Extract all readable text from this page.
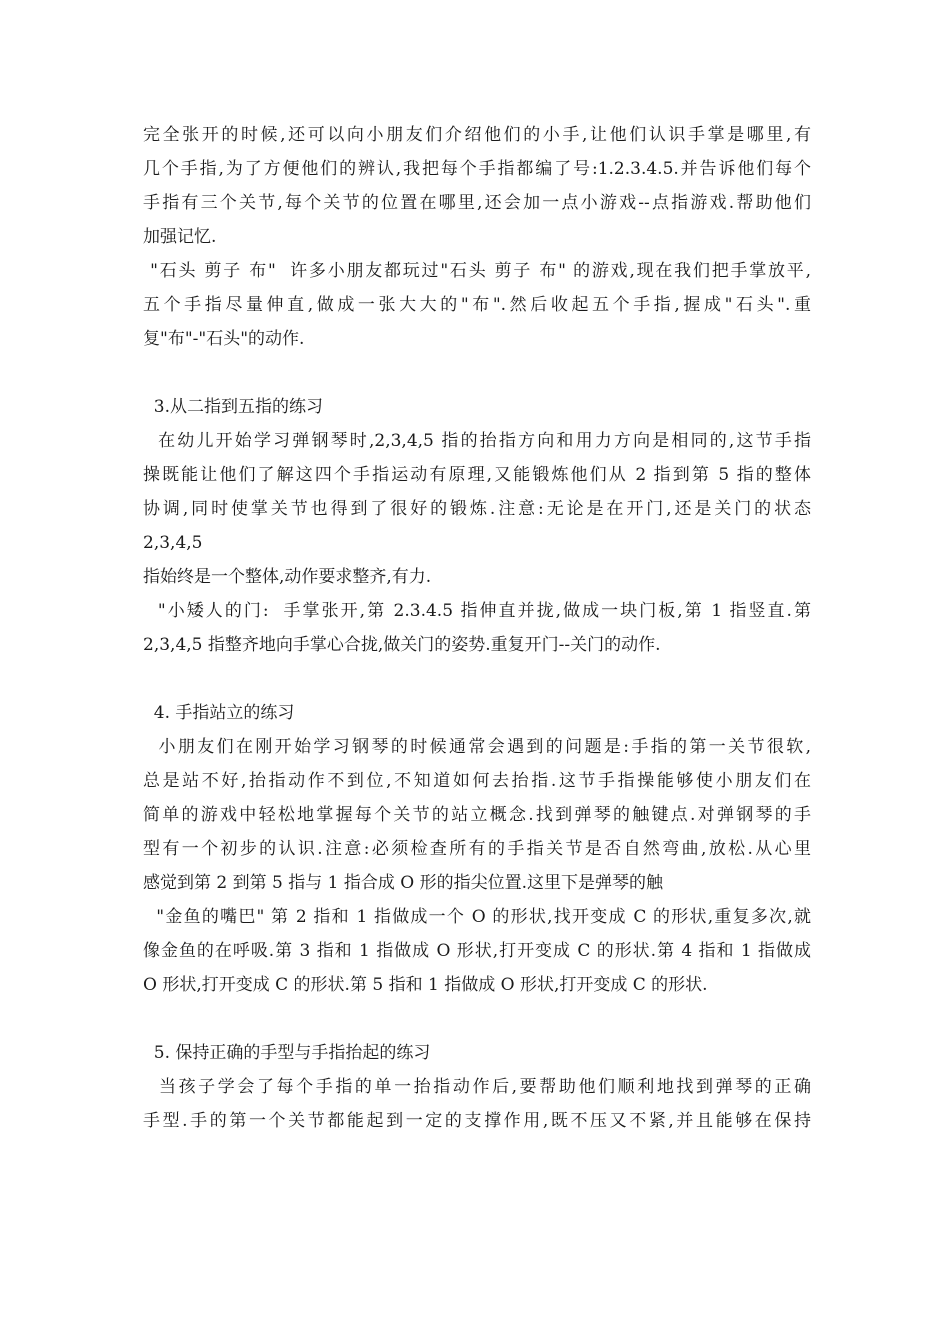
完全张开的时候,还可以向小朋友们介绍他们的小手,让他们认识手掌是哪里,有
几个手指,为了方便他们的辨认,我把每个手指都编了号:1.2.3.4.5.并告诉他们每个
手指有三个关节,每个关节的位置在哪里,还会加一点小游戏--点指游戏.帮助他们
加强记忆.
"石头 剪子 布"  许多小朋友都玩过"石头 剪子 布" 的游戏,现在我们把手掌放平,
五个手指尽量伸直,做成一张大大的"布".然后收起五个手指,握成"石头".重
复"布"-"石头"的动作.
3.从二指到五指的练习
在幼儿开始学习弹钢琴时,2,3,4,5 指的抬指方向和用力方向是相同的,这节手指
操既能让他们了解这四个手指运动有原理,又能锻炼他们从 2 指到第 5 指的整体
协调,同时使掌关节也得到了很好的锻炼.注意:无论是在开门,还是关门的状态
2,3,4,5
指始终是一个整体,动作要求整齐,有力.
"小矮人的门:  手掌张开,第 2.3.4.5 指伸直并拢,做成一块门板,第 1 指竖直.第
2,3,4,5 指整齐地向手掌心合拢,做关门的姿势.重复开门--关门的动作.
4. 手指站立的练习
小朋友们在刚开始学习钢琴的时候通常会遇到的问题是:手指的第一关节很软,
总是站不好,抬指动作不到位,不知道如何去抬指.这节手指操能够使小朋友们在
简单的游戏中轻松地掌握每个关节的站立概念.找到弹琴的触键点.对弹钢琴的手
型有一个初步的认识.注意:必须检查所有的手指关节是否自然弯曲,放松.从心里
感觉到第 2 到第 5 指与 1 指合成 O 形的指尖位置.这里下是弹琴的触
"金鱼的嘴巴" 第 2 指和 1 指做成一个 O 的形状,找开变成 C 的形状,重复多次,就
像金鱼的在呼吸.第 3 指和 1 指做成 O 形状,打开变成 C 的形状.第 4 指和 1 指做成
O 形状,打开变成 C 的形状.第 5 指和 1 指做成 O 形状,打开变成 C 的形状.
5. 保持正确的手型与手指抬起的练习
当孩子学会了每个手指的单一抬指动作后,要帮助他们顺利地找到弹琴的正确
手型.手的第一个关节都能起到一定的支撑作用,既不压又不紧,并且能够在保持
